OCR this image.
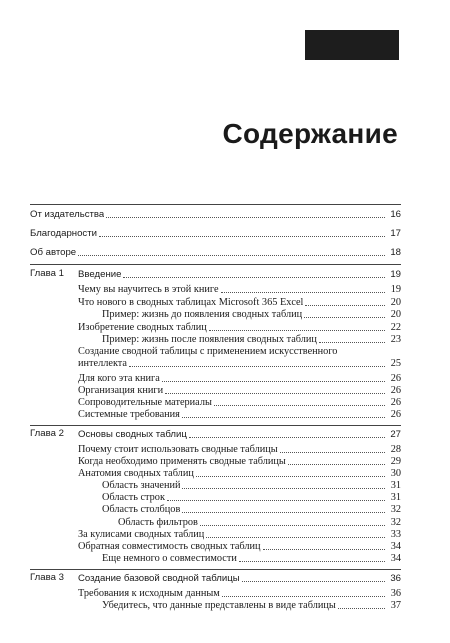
Содержание
От издательства	16
Благодарности	17
Об авторе	18
Глава 1 Введение	19
Чему вы научитесь в этой книге	19
Что нового в сводных таблицах Microsoft 365 Excel	20
Пример: жизнь до появления сводных таблиц	20
Изобретение сводных таблиц	22
Пример: жизнь после появления сводных таблиц	23
Создание сводной таблицы с применением искусственного
интеллекта	25
Для кого эта книга	26
Организация книги	26
Сопроводительные материалы	26
Системные требования	26
Глава 2 Основы сводных таблиц	27
Почему стоит использовать сводные таблицы	28
Когда необходимо применять сводные таблицы	29
Анатомия сводных таблиц	30
Область значений	31
Область строк	31
Область столбцов	32
Область фильтров	32
За кулисами сводных таблиц	33
Обратная совместимость сводных таблиц	34
Еще немного о совместимости	34
Глава 3 Создание базовой сводной таблицы	36
Требования к исходным данным	36
Убедитесь, что данные представлены в виде таблицы	37
